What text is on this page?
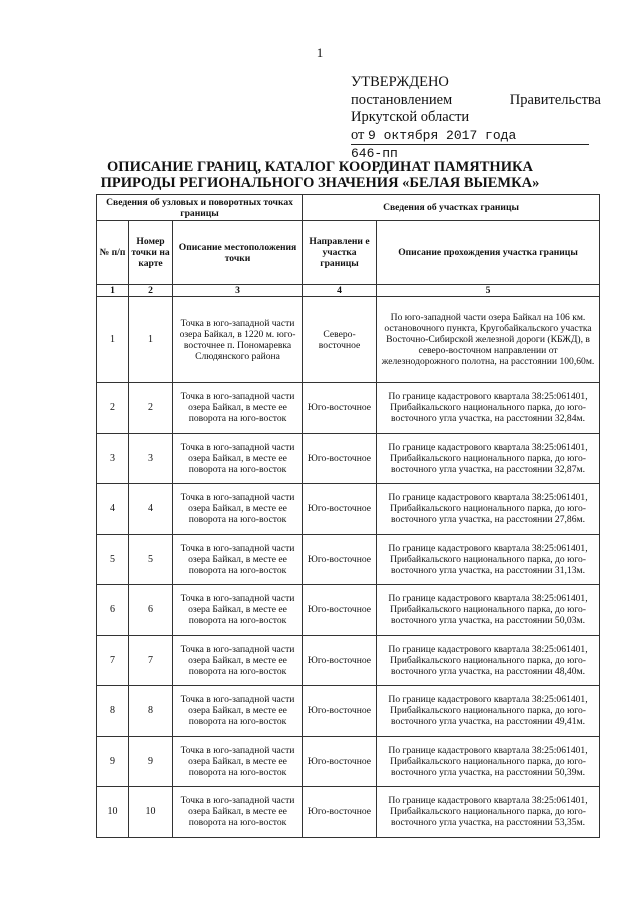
1
УТВЕРЖДЕНО
постановлением	Правительства
Иркутской области
от 9 октября 2017 года
646-пп
ОПИСАНИЕ ГРАНИЦ, КАТАЛОГ КООРДИНАТ ПАМЯТНИКА
ПРИРОДЫ РЕГИОНАЛЬНОГО ЗНАЧЕНИЯ «БЕЛАЯ ВЫЕМКА»
Сведения об узловых и поворотных точках границы			Сведения об участках границы	
№ п/п	Номер точки на карте	Описание местоположения точки	Направлени е участка границы	Описание прохождения участка границы
1	2	3	4	5
1	1	Точка в юго-западной части озера Байкал, в 1220 м. юго-восточнее п. Пономаревка Слюдянского района	Северо-восточное	По юго-западной части озера Байкал на 106 км. остановочного пункта, Кругобайкальского участка Восточно-Сибирской железной дороги (КБЖД), в северо-восточном направлении от железнодорожного полотна, на расстоянии 100,60м.
2	2	Точка в юго-западной части озера Байкал, в месте ее поворота на юго-восток	Юго-восточное	По границе кадастрового квартала 38:25:061401, Прибайкальского национального парка, до юго-восточного угла участка, на расстоянии 32,84м.
3	3	Точка в юго-западной части озера Байкал, в месте ее поворота на юго-восток	Юго-восточное	По границе кадастрового квартала 38:25:061401, Прибайкальского национального парка, до юго-восточного угла участка, на расстоянии 32,87м.
4	4	Точка в юго-западной части озера Байкал, в месте ее поворота на юго-восток	Юго-восточное	По границе кадастрового квартала 38:25:061401, Прибайкальского национального парка, до юго-восточного угла участка, на расстоянии 27,86м.
5	5	Точка в юго-западной части озера Байкал, в месте ее поворота на юго-восток	Юго-восточное	По границе кадастрового квартала 38:25:061401, Прибайкальского национального парка, до юго-восточного угла участка, на расстоянии 31,13м.
6	6	Точка в юго-западной части озера Байкал, в месте ее поворота на юго-восток	Юго-восточное	По границе кадастрового квартала 38:25:061401, Прибайкальского национального парка, до юго-восточного угла участка, на расстоянии 50,03м.
7	7	Точка в юго-западной части озера Байкал, в месте ее поворота на юго-восток	Юго-восточное	По границе кадастрового квартала 38:25:061401, Прибайкальского национального парка, до юго-восточного угла участка, на расстоянии 48,40м.
8	8	Точка в юго-западной части озера Байкал, в месте ее поворота на юго-восток	Юго-восточное	По границе кадастрового квартала 38:25:061401, Прибайкальского национального парка, до юго-восточного угла участка, на расстоянии 49,41м.
9	9	Точка в юго-западной части озера Байкал, в месте ее поворота на юго-восток	Юго-восточное	По границе кадастрового квартала 38:25:061401, Прибайкальского национального парка, до юго-восточного угла участка, на расстоянии 50,39м.
10	10	Точка в юго-западной части озера Байкал, в месте ее поворота на юго-восток	Юго-восточное	По границе кадастрового квартала 38:25:061401, Прибайкальского национального парка, до юго-восточного угла участка, на расстоянии 53,35м.
